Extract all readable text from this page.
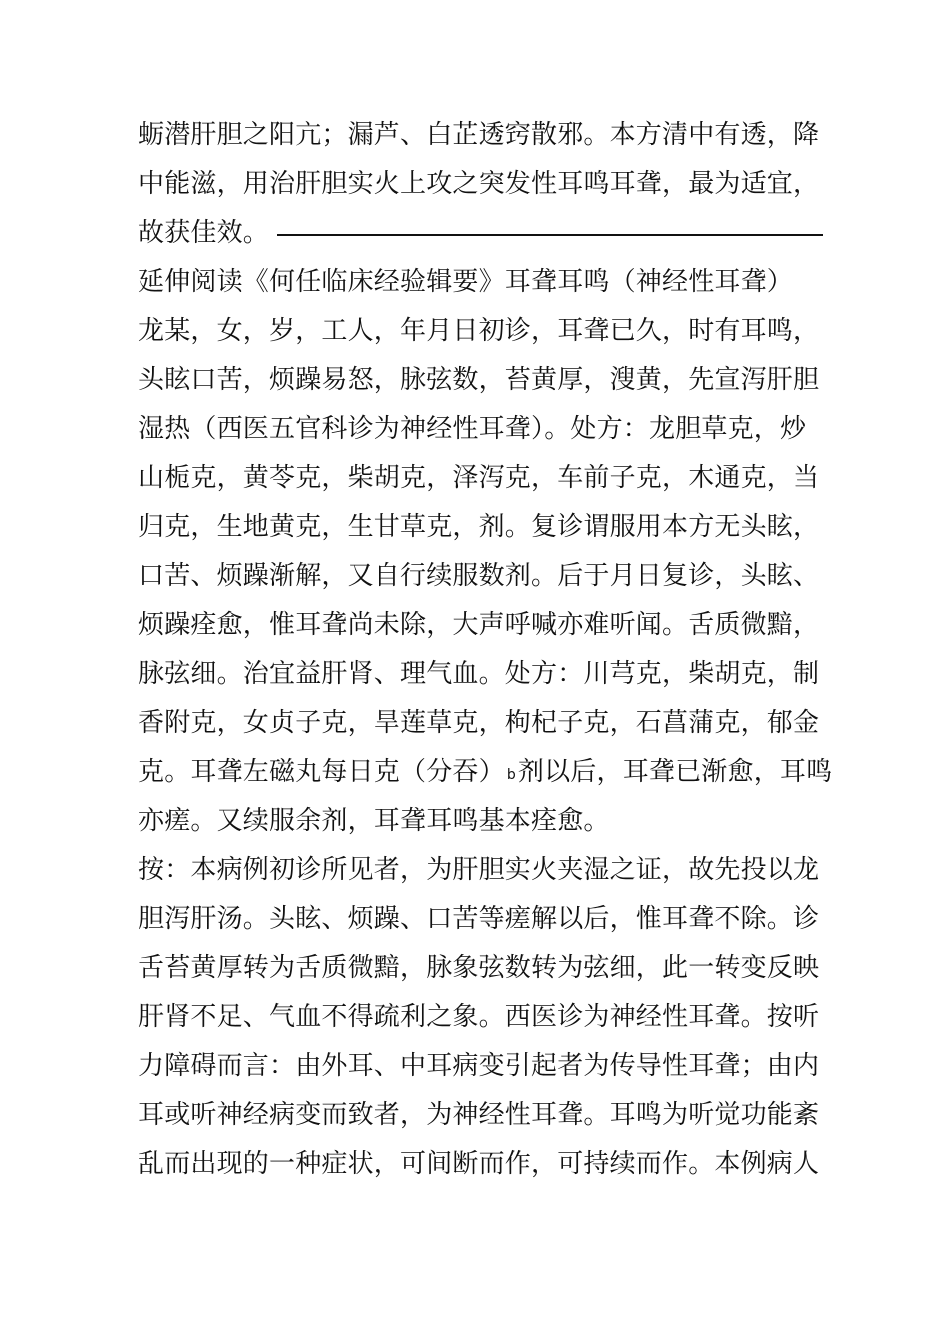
蛎潜肝胆之阳亢；漏芦、白芷透窍散邪。本方清中有透，降
中能滋，用治肝胆实火上攻之突发性耳鸣耳聋，最为适宜，
故获佳效。
延伸阅读《何任临床经验辑要》耳聋耳鸣（神经性耳聋）
龙某，女，岁，工人，年月日初诊，耳聋已久，时有耳鸣，
头眩口苦，烦躁易怒，脉弦数，苔黄厚，溲黄，先宣泻肝胆
湿热（西医五官科诊为神经性耳聋）。处方：龙胆草克，炒
山栀克，黄苓克，柴胡克，泽泻克，车前子克，木通克，当
归克，生地黄克，生甘草克，剂。复诊谓服用本方无头眩，
口苦、烦躁渐解，又自行续服数剂。后于月日复诊，头眩、
烦躁痊愈，惟耳聋尚未除，大声呼喊亦难听闻。舌质微黯，
脉弦细。治宜益肝肾、理气血。处方：川芎克，柴胡克，制
香附克，女贞子克，旱莲草克，枸杞子克，石菖蒲克，郁金
克。耳聋左磁丸每日克（分吞） b剂以后，耳聋已渐愈，耳鸣
亦瘥。又续服余剂，耳聋耳鸣基本痊愈。
按：本病例初诊所见者，为肝胆实火夹湿之证，故先投以龙
胆泻肝汤。头眩、烦躁、口苦等瘥解以后，惟耳聋不除。诊
舌苔黄厚转为舌质微黯，脉象弦数转为弦细，此一转变反映
肝肾不足、气血不得疏利之象。西医诊为神经性耳聋。按听
力障碍而言：由外耳、中耳病变引起者为传导性耳聋；由内
耳或听神经病变而致者，为神经性耳聋。耳鸣为听觉功能紊
乱而出现的一种症状，可间断而作，可持续而作。本例病人
